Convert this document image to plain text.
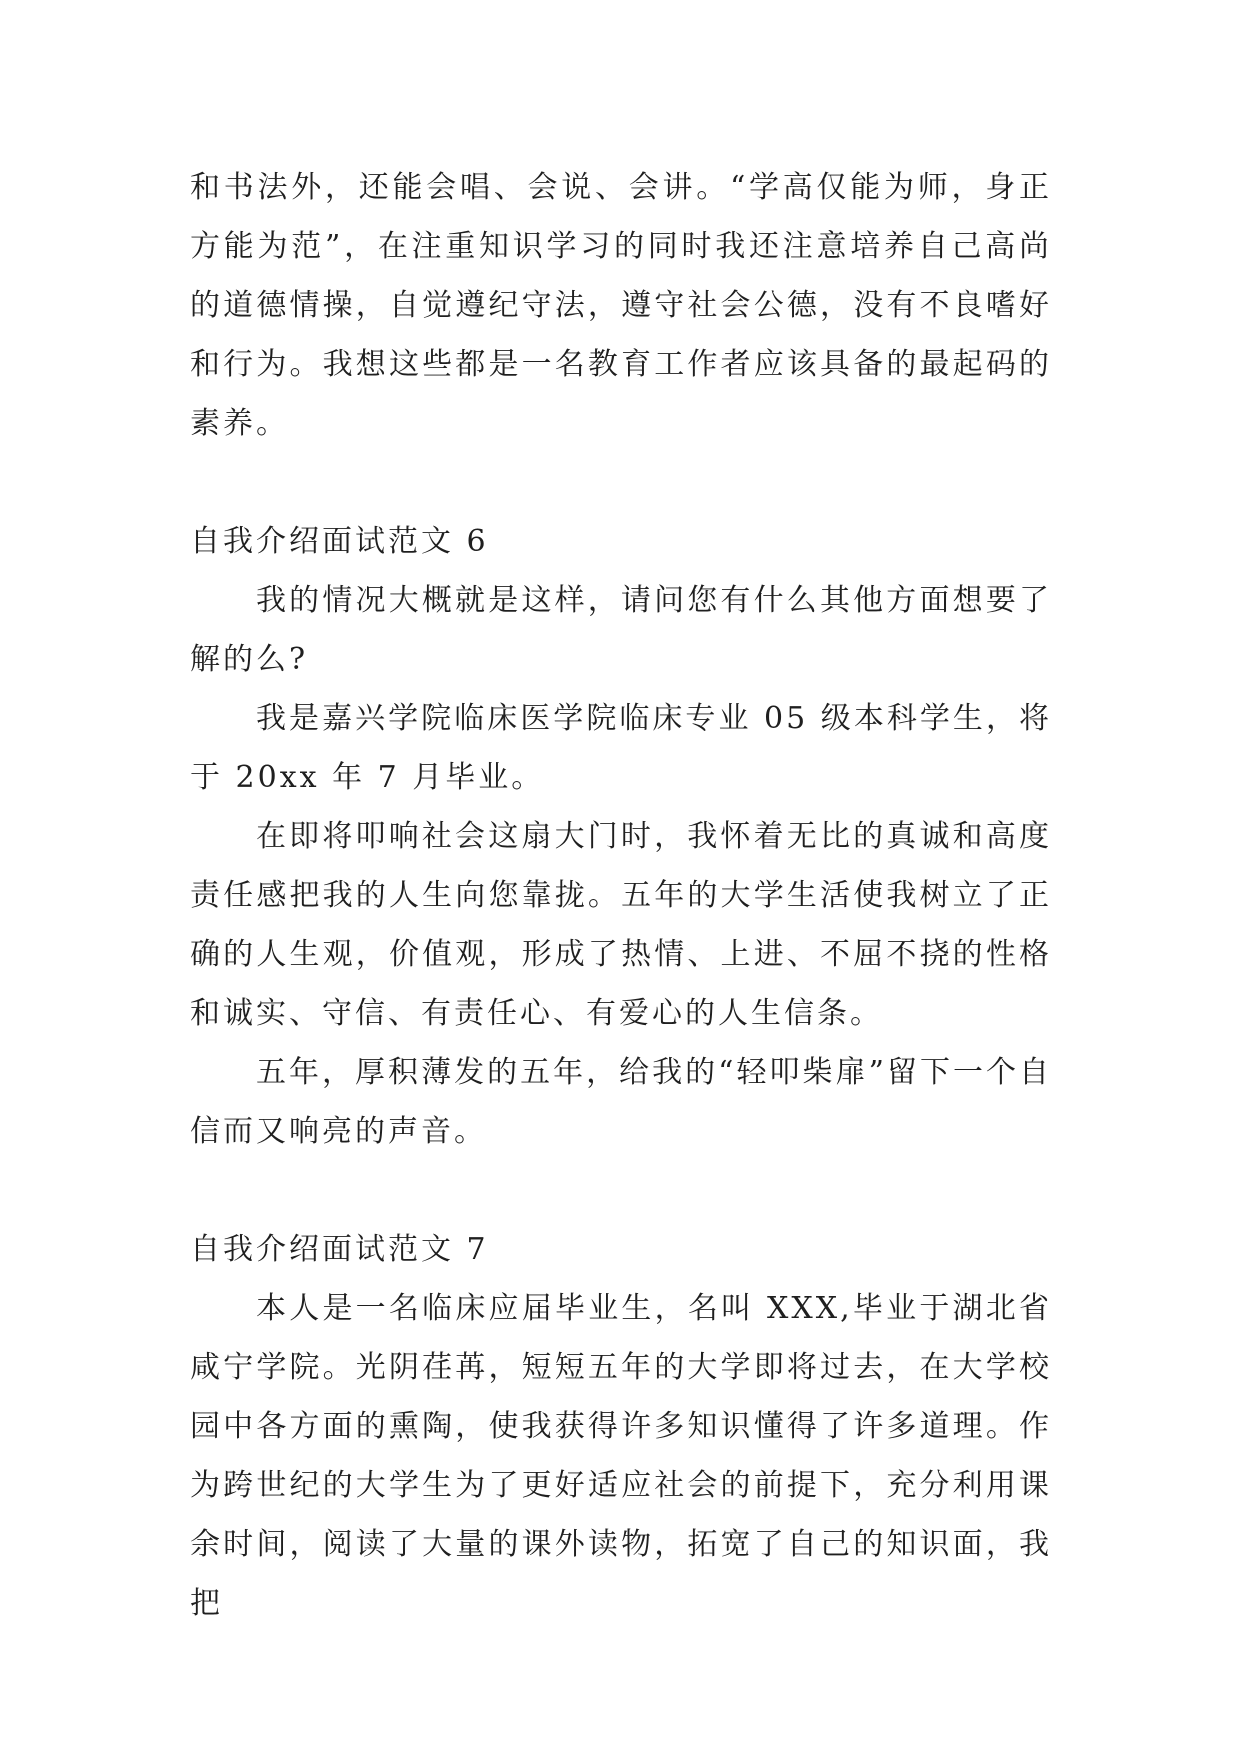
和书法外，还能会唱、会说、会讲。“学高仅能为师，身正方能为范”，在注重知识学习的同时我还注意培养自己高尚的道德情操，自觉遵纪守法，遵守社会公德，没有不良嗜好和行为。我想这些都是一名教育工作者应该具备的最起码的素养。

自我介绍面试范文 6

我的情况大概就是这样，请问您有什么其他方面想要了解的么?

我是嘉兴学院临床医学院临床专业 05 级本科学生，将于 20xx 年 7 月毕业。

在即将叩响社会这扇大门时，我怀着无比的真诚和高度责任感把我的人生向您靠拢。五年的大学生活使我树立了正确的人生观，价值观，形成了热情、上进、不屈不挠的性格和诚实、守信、有责任心、有爱心的人生信条。

五年，厚积薄发的五年，给我的“轻叩柴扉”留下一个自信而又响亮的声音。

自我介绍面试范文 7

本人是一名临床应届毕业生，名叫 XXX,毕业于湖北省咸宁学院。光阴荏苒，短短五年的大学即将过去，在大学校园中各方面的熏陶，使我获得许多知识懂得了许多道理。作为跨世纪的大学生为了更好适应社会的前提下，充分利用课余时间，阅读了大量的课外读物，拓宽了自己的知识面，我把
